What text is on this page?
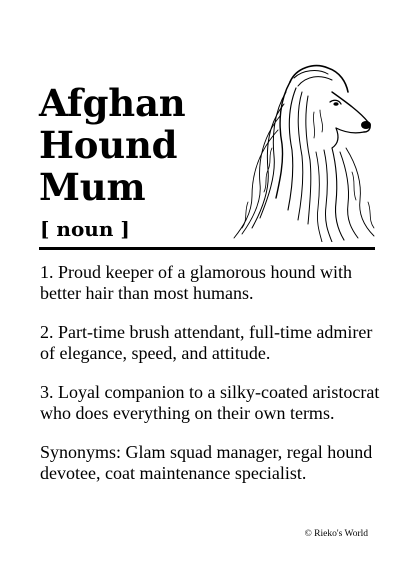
Afghan
Hound
Mum
[ noun ]

1. Proud keeper of a glamorous hound with better hair than most humans.

2. Part-time brush attendant, full-time admirer of elegance, speed, and attitude.

3. Loyal companion to a silky-coated aristocrat who does everything on their own terms.

Synonyms: Glam squad manager, regal hound devotee, coat maintenance specialist.

© Rieko's World
